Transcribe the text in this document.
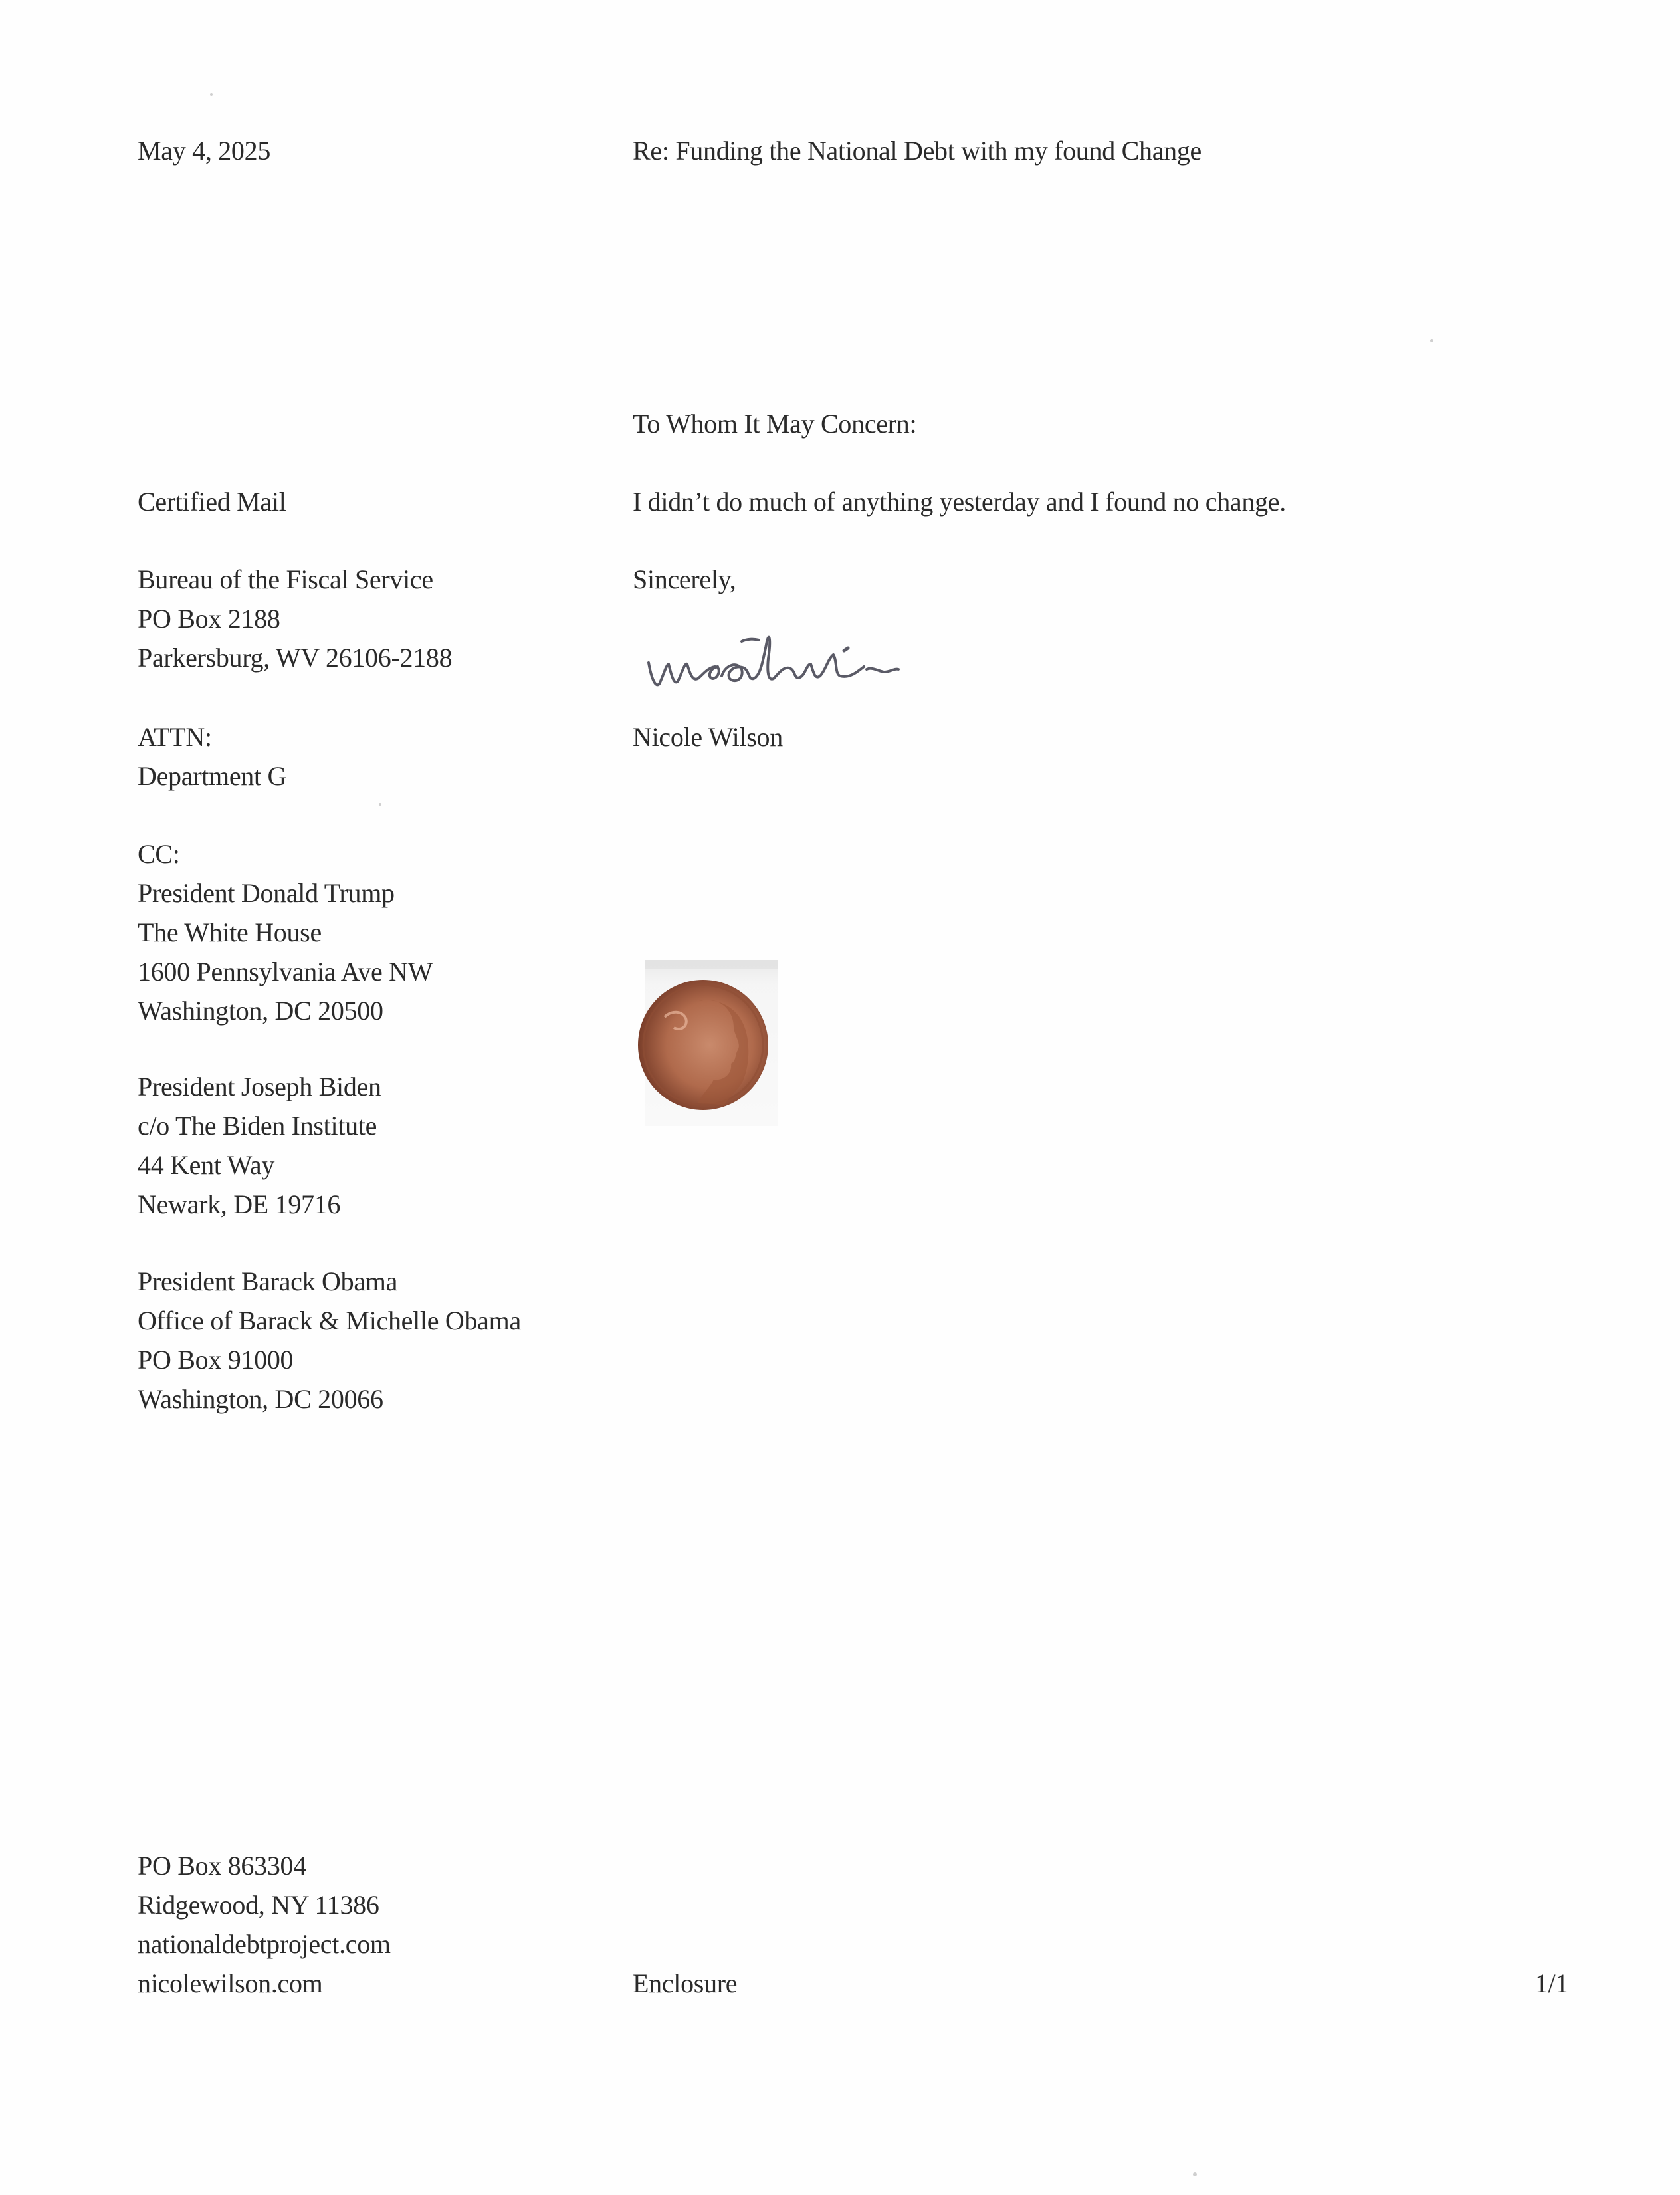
May 4, 2025	Re: Funding the National Debt with my found Change
To Whom It May Concern:
Certified Mail	I didn’t do much of anything yesterday and I found no change.
Bureau of the Fiscal Service
PO Box 2188
Parkersburg, WV 26106-2188
Sincerely,
ATTN:
Department G
Nicole Wilson
CC:
President Donald Trump
The White House
1600 Pennsylvania Ave NW
Washington, DC 20500
President Joseph Biden
c/o The Biden Institute
44 Kent Way
Newark, DE 19716
President Barack Obama
Office of Barack & Michelle Obama
PO Box 91000
Washington, DC 20066
PO Box 863304
Ridgewood, NY 11386
nationaldebtproject.com
nicolewilson.com	Enclosure	1/1
